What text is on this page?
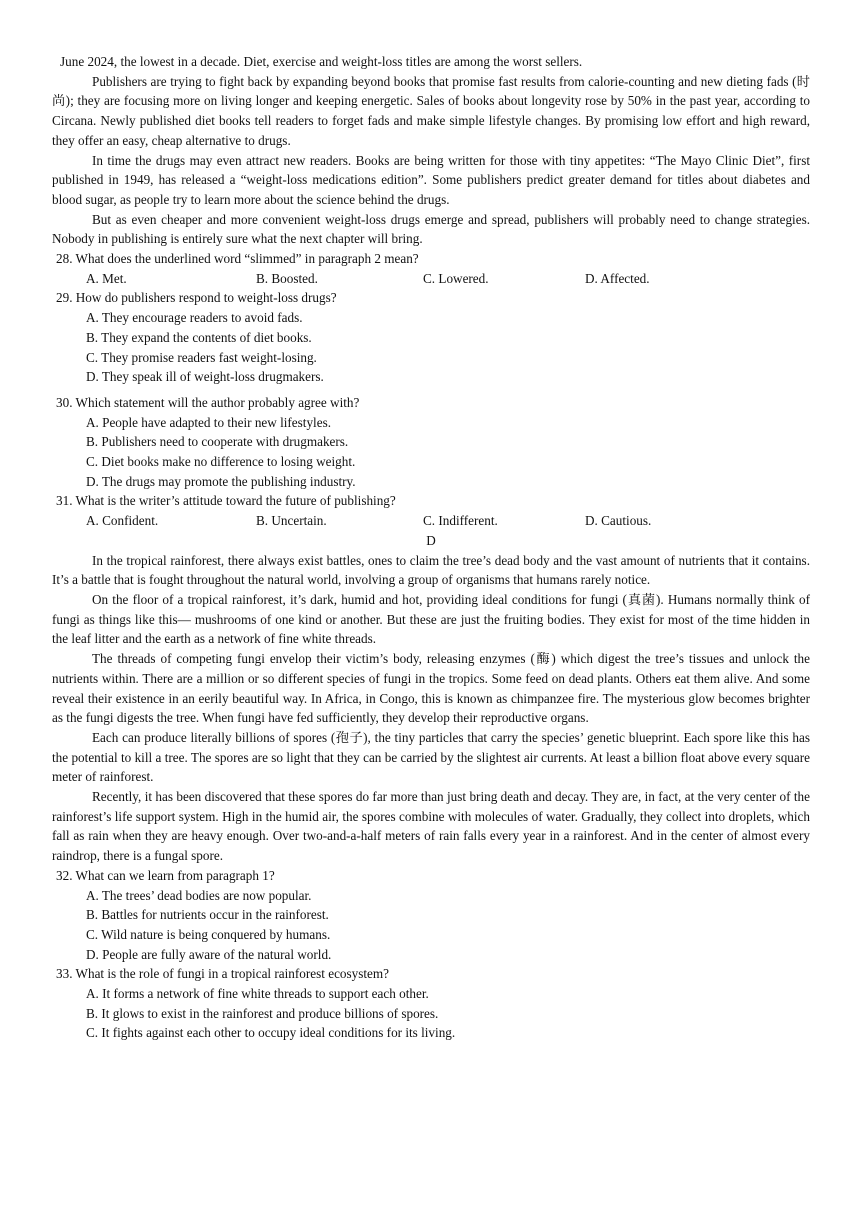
June 2024, the lowest in a decade. Diet, exercise and weight-loss titles are among the worst sellers.

Publishers are trying to fight back by expanding beyond books that promise fast results from calorie-counting and new dieting fads (时尚); they are focusing more on living longer and keeping energetic. Sales of books about longevity rose by 50% in the past year, according to Circana. Newly published diet books tell readers to forget fads and make simple lifestyle changes. By promising low effort and high reward, they offer an easy, cheap alternative to drugs.

In time the drugs may even attract new readers. Books are being written for those with tiny appetites: “The Mayo Clinic Diet”, first published in 1949, has released a “weight-loss medications edition”. Some publishers predict greater demand for titles about diabetes and blood sugar, as people try to learn more about the science behind the drugs.

But as even cheaper and more convenient weight-loss drugs emerge and spread, publishers will probably need to change strategies. Nobody in publishing is entirely sure what the next chapter will bring.

28. What does the underlined word “slimmed” in paragraph 2 mean?

A. Met.	B. Boosted.	C. Lowered.	D. Affected.

29. How do publishers respond to weight-loss drugs?

A. They encourage readers to avoid fads.

B. They expand the contents of diet books.

C. They promise readers fast weight-losing.

D. They speak ill of weight-loss drugmakers.

30. Which statement will the author probably agree with?

A. People have adapted to their new lifestyles.

B. Publishers need to cooperate with drugmakers.

C. Diet books make no difference to losing weight.

D. The drugs may promote the publishing industry.

31. What is the writer’s attitude toward the future of publishing?

A. Confident.	B. Uncertain.	C. Indifferent.	D. Cautious.

D

In the tropical rainforest, there always exist battles, ones to claim the tree’s dead body and the vast amount of nutrients that it contains. It’s a battle that is fought throughout the natural world, involving a group of organisms that humans rarely notice.

On the floor of a tropical rainforest, it’s dark, humid and hot, providing ideal conditions for fungi (真菌). Humans normally think of fungi as things like this— mushrooms of one kind or another. But these are just the fruiting bodies. They exist for most of the time hidden in the leaf litter and the earth as a network of fine white threads.

The threads of competing fungi envelop their victim’s body, releasing enzymes (酶) which digest the tree’s tissues and unlock the nutrients within. There are a million or so different species of fungi in the tropics. Some feed on dead plants. Others eat them alive. And some reveal their existence in an eerily beautiful way. In Africa, in Congo, this is known as chimpanzee fire. The mysterious glow becomes brighter as the fungi digests the tree. When fungi have fed sufficiently, they develop their reproductive organs.

Each can produce literally billions of spores (孢子), the tiny particles that carry the species’ genetic blueprint. Each spore like this has the potential to kill a tree. The spores are so light that they can be carried by the slightest air currents. At least a billion float above every square meter of rainforest.

Recently, it has been discovered that these spores do far more than just bring death and decay. They are, in fact, at the very center of the rainforest’s life support system. High in the humid air, the spores combine with molecules of water. Gradually, they collect into droplets, which fall as rain when they are heavy enough. Over two-and-a-half meters of rain falls every year in a rainforest. And in the center of almost every raindrop, there is a fungal spore.

32. What can we learn from paragraph 1?

A. The trees’ dead bodies are now popular.

B. Battles for nutrients occur in the rainforest.

C. Wild nature is being conquered by humans.

D. People are fully aware of the natural world.

33. What is the role of fungi in a tropical rainforest ecosystem?

A. It forms a network of fine white threads to support each other.

B. It glows to exist in the rainforest and produce billions of spores.

C. It fights against each other to occupy ideal conditions for its living.
